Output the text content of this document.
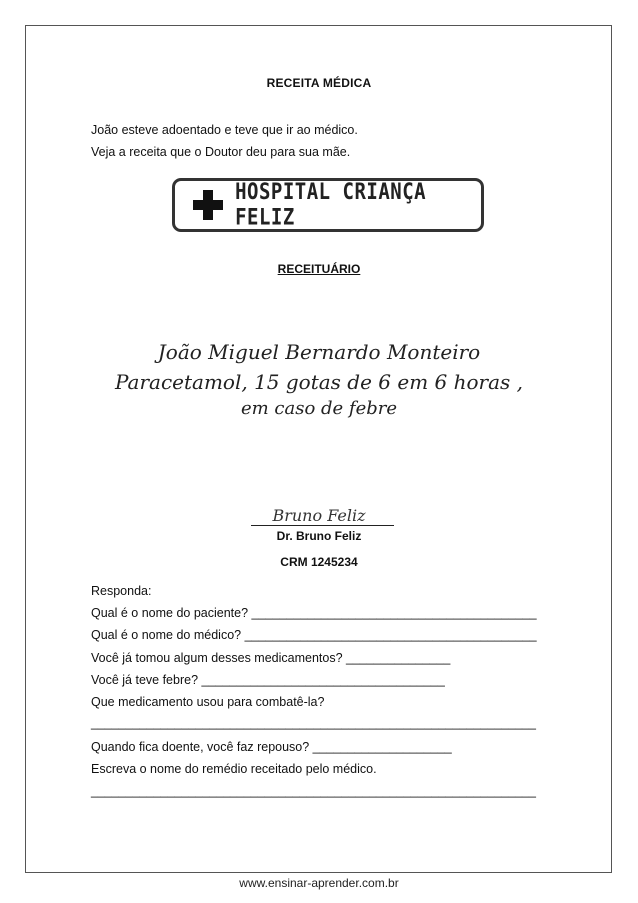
RECEITA MÉDICA
João esteve adoentado e teve que ir ao médico.
Veja a receita que o Doutor deu para sua mãe.
HOSPITAL CRIANÇA FELIZ
RECEITUÁRIO
João Miguel Bernardo Monteiro
Paracetamol, 15 gotas de 6 em 6 horas ,
em caso de febre
Bruno Feliz
Dr. Bruno Feliz
CRM 1245234
Responda:
Qual é o nome do paciente? _________________________________________
Qual é o nome do médico? __________________________________________
Você já tomou algum desses medicamentos? _______________
Você já teve febre? ___________________________________
Que medicamento usou para combatê-la?
________________________________________________________________
Quando fica doente, você faz repouso? ____________________
Escreva o nome do remédio receitado pelo médico.
________________________________________________________________
www.ensinar-aprender.com.br
